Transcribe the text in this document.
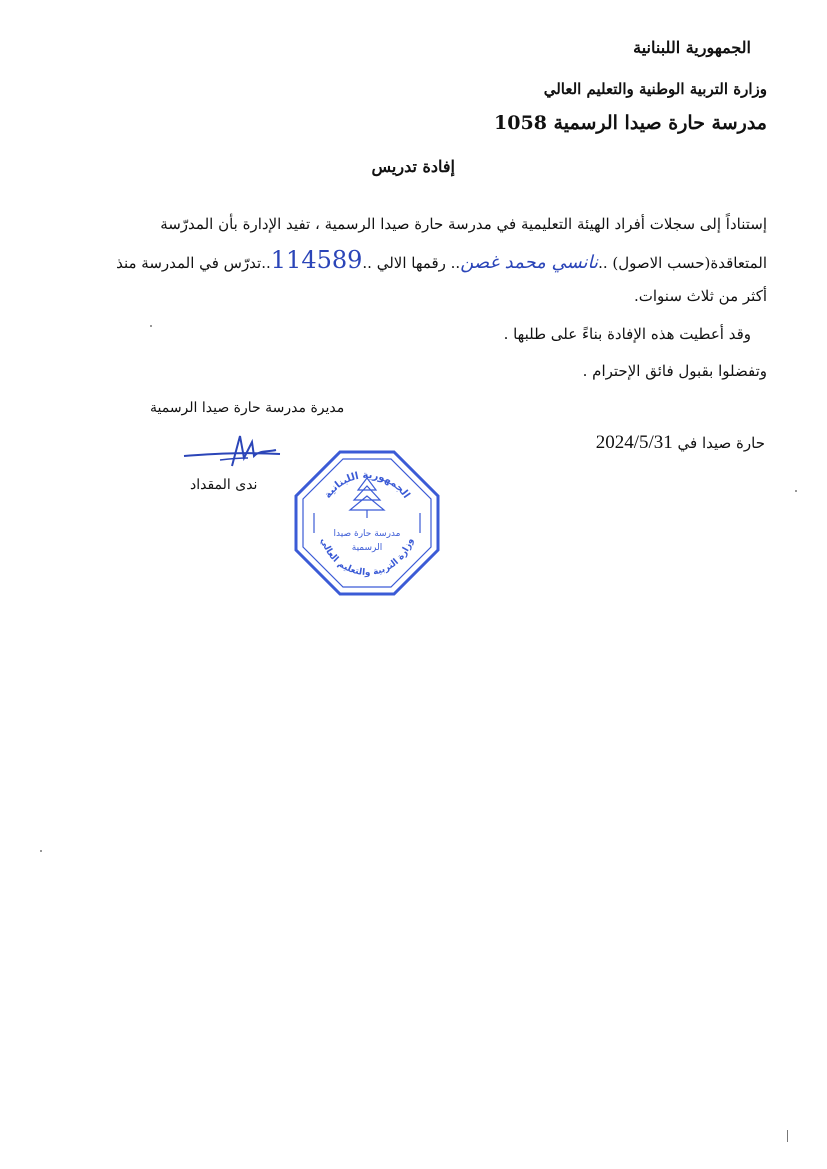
الجمهورية اللبنانية
وزارة التربية الوطنية والتعليم العالي
مدرسة حارة صيدا الرسمية 1058
إفادة تدريس
إستناداً إلى سجلات أفراد الهيئة التعليمية في مدرسة حارة صيدا الرسمية ، تفيد الإدارة بأن المدرّسة
المتعاقدة(حسب الاصول) ..نانسي محمد غصن.. رقمها الالي ..114589..تدرّس في المدرسة منذ
أكثر من ثلاث سنوات.
وقد أعطيت هذه الإفادة بناءً على طلبها .
وتفضلوا بقبول فائق الإحترام .
مديرة مدرسة حارة صيدا الرسمية
حارة صيدا في 2024/5/31
ندى المقداد
الجمهورية اللبنانية
مدرسة حارة صيدا
الرسمية
وزارة التربية والتعليم العالي
